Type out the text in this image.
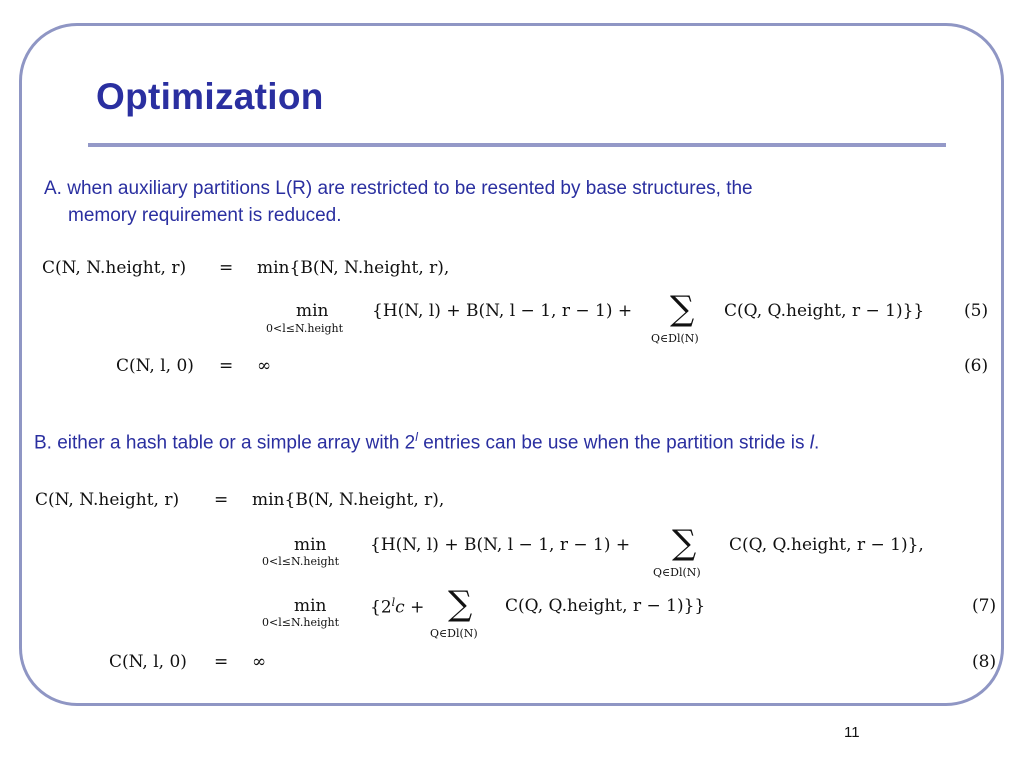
Optimization
A. when auxiliary partitions L(R) are restricted to be resented by base structures, the
memory requirement is reduced.
C(N, N.height, r) = min{B(N, N.height, r),
min
0<l≤N.height
{H(N, l) + B(N, l − 1, r − 1) + ∑
Q∈Dl(N)
C(Q, Q.height, r − 1)}} (5)
C(N, l, 0) = ∞	(6)
B. either a hash table or a simple array with 2$^l$ entries can be use when the partition stride is l.
C(N, N.height, r) = min{B(N, N.height, r),
min
0<l≤N.height
{H(N, l) + B(N, l − 1, r − 1) + ∑
Q∈Dl(N)
C(Q, Q.height, r − 1)},
min
0<l≤N.height
{$2^lc$ + ∑
Q∈Dl(N)
C(Q, Q.height, r − 1)}}	(7)
C(N, l, 0) = ∞	(8)
11
